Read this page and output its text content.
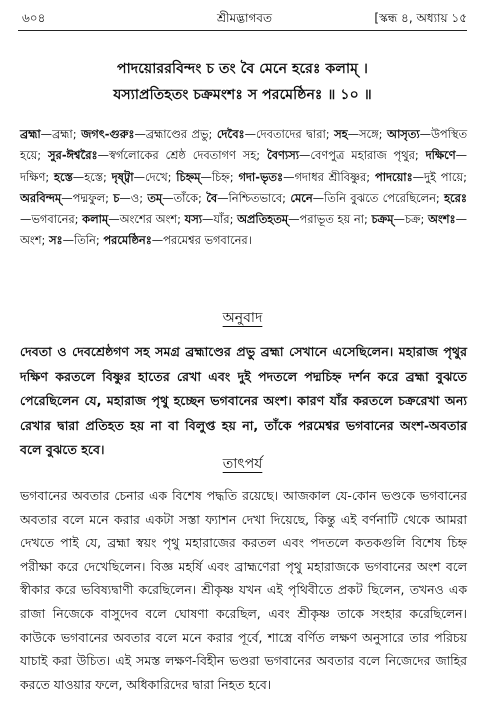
৬০৪	শ্রীমদ্ভাগবত	[স্কন্ধ ৪, অধ্যায় ১৫
পাদয়োররবিন্দং চ তং বৈ মেনে হরেঃ কলাম্‌ ।
যস্যাপ্রতিহতং চক্রমংশঃ স পরমেষ্ঠিনঃ ॥ ১০ ॥
ব্রহ্মা—ব্রহ্মা; জগৎ-গুরুঃ—ব্রহ্মাণ্ডের প্রভু; দেবৈঃ—দেবতাদের দ্বারা; সহ—সঙ্গে; আসৃত্য—উপস্থিত হয়ে; সুর-ঈশ্বরৈঃ—স্বর্গলোকের শ্রেষ্ঠ দেবতাগণ সহ; বৈণ্যস্য—বেণপুত্র মহারাজ পৃথুর; দক্ষিণে—দক্ষিণ; হস্তে—হস্তে; দৃষ্ট্বা—দেখে; চিহ্নম্‌—চিহ্ন; গদা-ভৃতঃ—গদাধর শ্রীবিষ্ণুর; পাদয়োঃ—দুই পায়ে; অরবিন্দম্‌—পদ্মফুল; চ—ও; তম্‌—তাঁকে; বৈ—নিশ্চিতভাবে; মেনে—তিনি বুঝতে পেরেছিলেন; হরেঃ—ভগবানের; কলাম্‌—অংশের অংশ; যস্য—যাঁর; অপ্রতিহতম্‌—পরাভূত হয় না; চক্রম্‌—চক্র; অংশঃ—অংশ; সঃ—তিনি; পরমেষ্ঠিনঃ—পরমেশ্বর ভগবানের।
অনুবাদ
দেবতা ও দেবশ্রেষ্ঠগণ সহ সমগ্র ব্রহ্মাণ্ডের প্রভু ব্রহ্মা সেখানে এসেছিলেন। মহারাজ পৃথুর দক্ষিণ করতলে বিষ্ণুর হাতের রেখা এবং দুই পদতলে পদ্মচিহ্ন দর্শন করে ব্রহ্মা বুঝতে পেরেছিলেন যে, মহারাজ পৃথু হচ্ছেন ভগবানের অংশ। কারণ যাঁর করতলে চক্ররেখা অন্য রেখার দ্বারা প্রতিহত হয় না বা বিলুপ্ত হয় না, তাঁকে পরমেশ্বর ভগবানের অংশ-অবতার বলে বুঝতে হবে।
তাৎপর্য
ভগবানের অবতার চেনার এক বিশেষ পদ্ধতি রয়েছে। আজকাল যে-কোন ভণ্ডকে ভগবানের অবতার বলে মনে করার একটা সস্তা ফ্যাশন দেখা দিয়েছে, কিন্তু এই বর্ণনাটি থেকে আমরা দেখতে পাই যে, ব্রহ্মা স্বয়ং পৃথু মহারাজের করতল এবং পদতলে কতকগুলি বিশেষ চিহ্ন পরীক্ষা করে দেখেছিলেন। বিজ্ঞ মহর্ষি এবং ব্রাহ্মণেরা পৃথু মহারাজকে ভগবানের অংশ বলে স্বীকার করে ভবিষ্যদ্বাণী করেছিলেন। শ্রীকৃষ্ণ যখন এই পৃথিবীতে প্রকট ছিলেন, তখনও এক রাজা নিজেকে বাসুদেব বলে ঘোষণা করেছিল, এবং শ্রীকৃষ্ণ তাকে সংহার করেছিলেন। কাউকে ভগবানের অবতার বলে মনে করার পূর্বে, শাস্ত্রে বর্ণিত লক্ষণ অনুসারে তার পরিচয় যাচাই করা উচিত। এই সমস্ত লক্ষণ-বিহীন ভণ্ডরা ভগবানের অবতার বলে নিজেদের জাহির করতে যাওয়ার ফলে, অধিকারিদের দ্বারা নিহত হবে।
